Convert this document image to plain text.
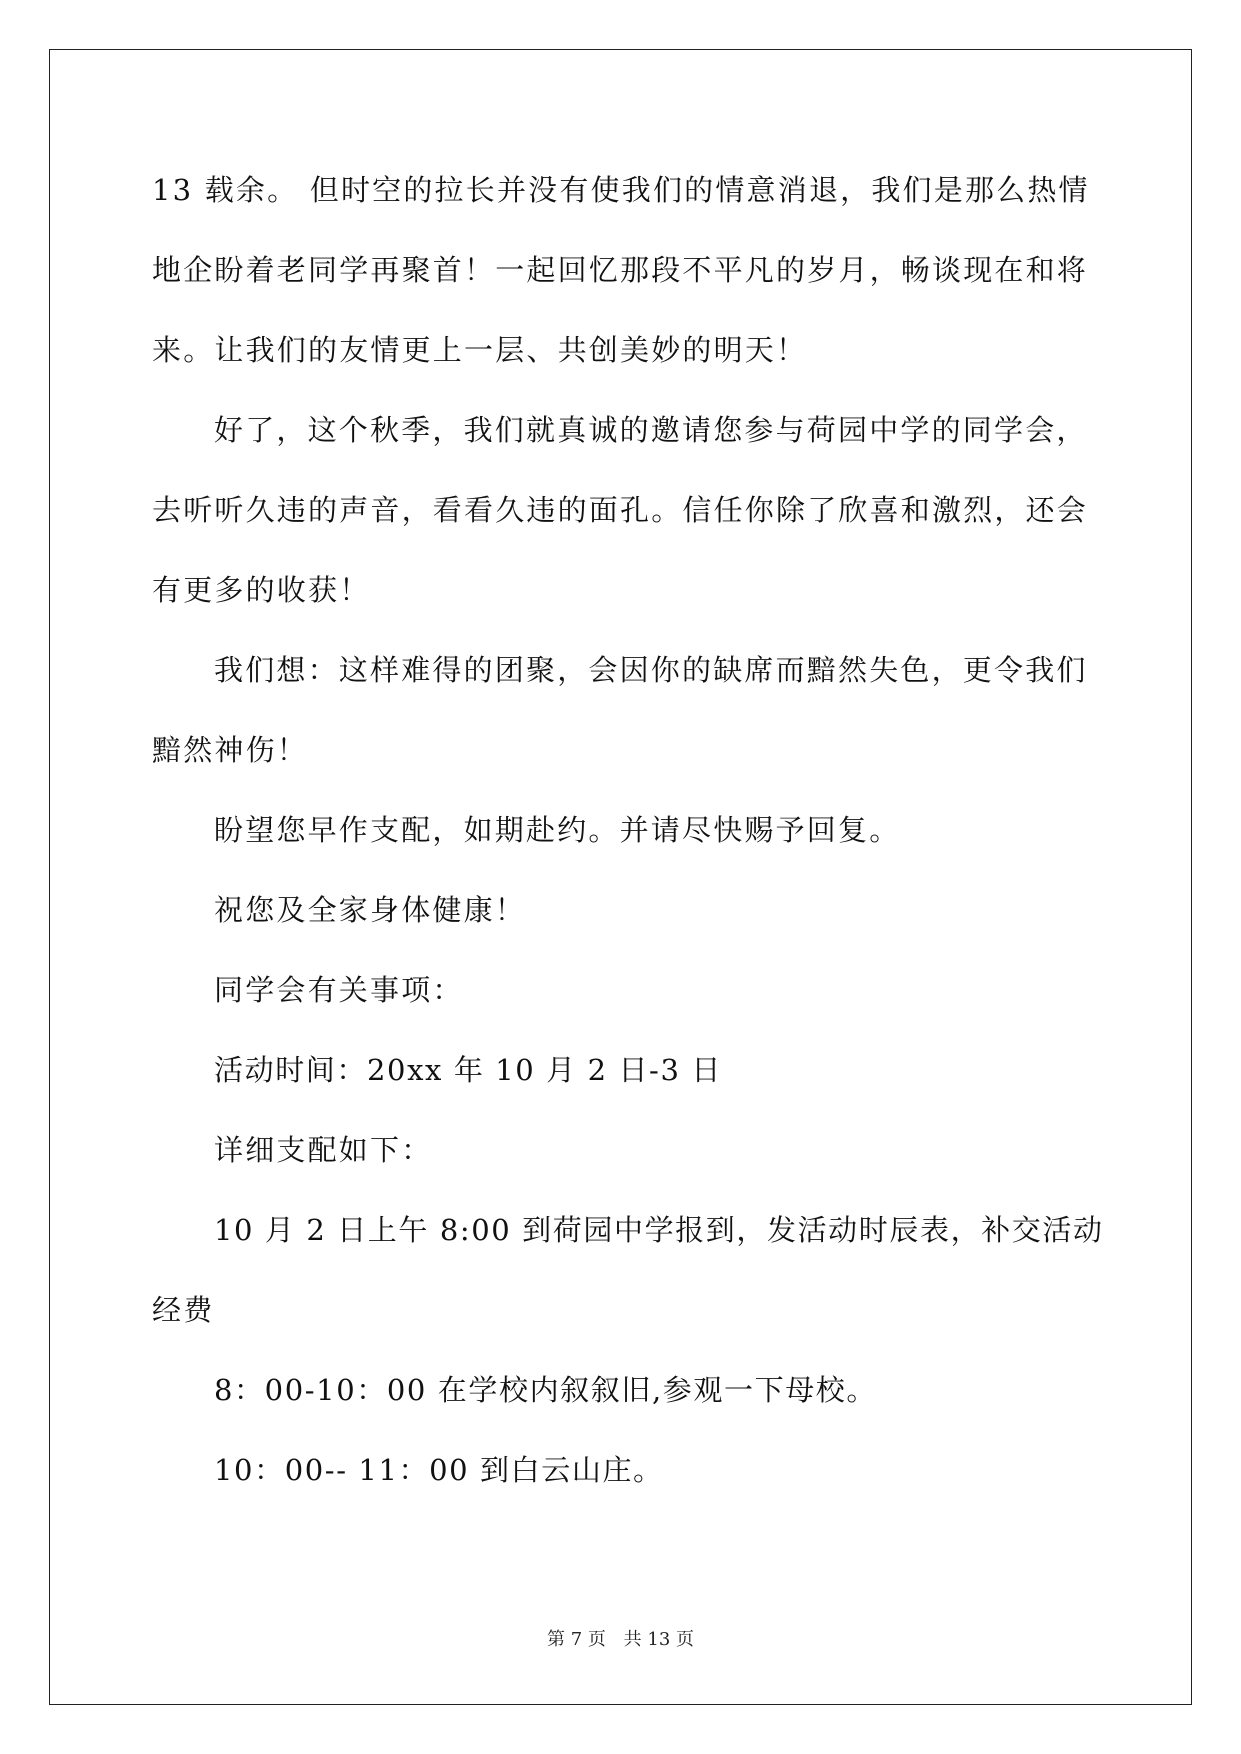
13 载余。 但时空的拉长并没有使我们的情意消退，我们是那么热情
地企盼着老同学再聚首！一起回忆那段不平凡的岁月，畅谈现在和将
来。让我们的友情更上一层、共创美妙的明天！
好了，这个秋季，我们就真诚的邀请您参与荷园中学的同学会，
去听听久违的声音，看看久违的面孔。信任你除了欣喜和激烈，还会
有更多的收获！
我们想：这样难得的团聚，会因你的缺席而黯然失色，更令我们
黯然神伤！
盼望您早作支配，如期赴约。并请尽快赐予回复。
祝您及全家身体健康！
同学会有关事项：
活动时间：20xx 年 10 月 2 日-3 日
详细支配如下：
10 月 2 日上午 8:00 到荷园中学报到，发活动时辰表，补交活动
经费
8：00-10：00 在学校内叙叙旧,参观一下母校。
10：00-- 11：00 到白云山庄。
第 7 页 共 13 页
